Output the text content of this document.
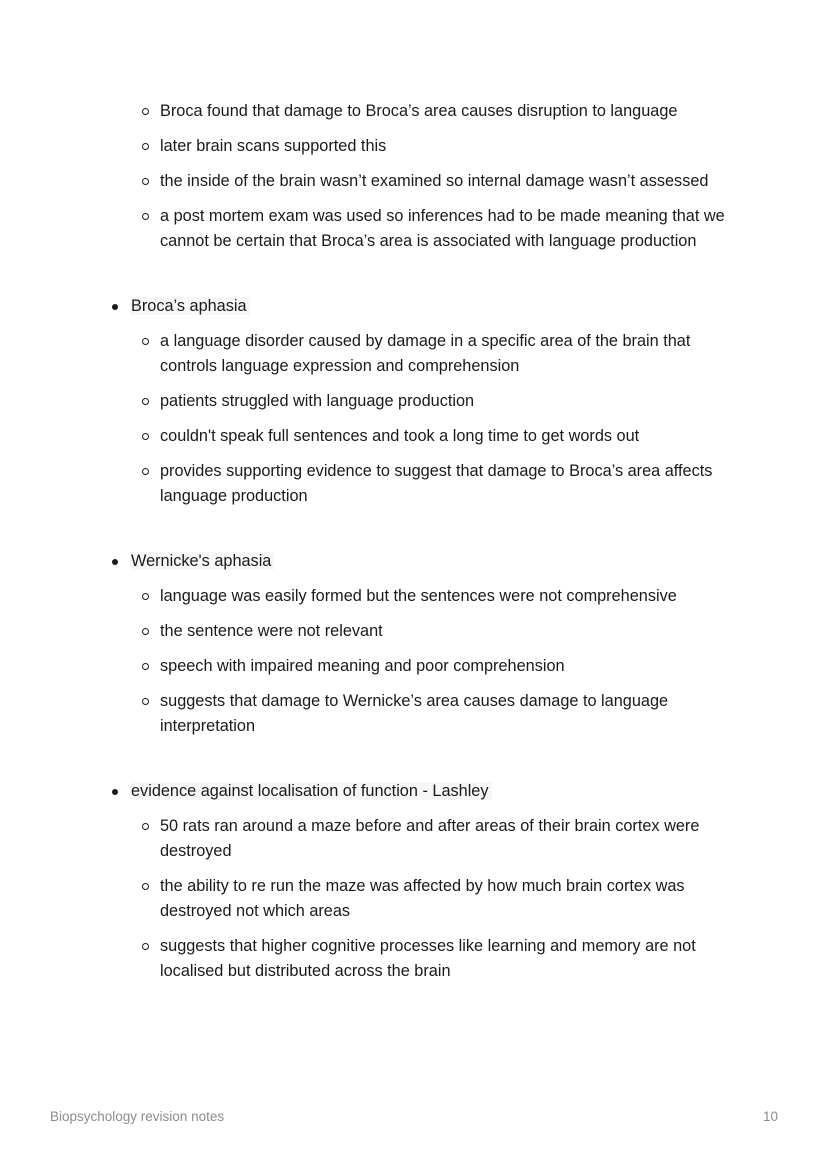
Broca found that damage to Broca’s area causes disruption to language
later brain scans supported this
the inside of the brain wasn’t examined so internal damage wasn’t assessed
a post mortem exam was used so inferences had to be made meaning that we cannot be certain that Broca’s area is associated with language production
Broca’s aphasia
a language disorder caused by damage in a specific area of the brain that controls language expression and comprehension
patients struggled with language production
couldn't speak full sentences and took a long time to get words out
provides supporting evidence to suggest that damage to Broca’s area affects language production
Wernicke's aphasia
language was easily formed but the sentences were not comprehensive
the sentence were not relevant
speech with impaired meaning and poor comprehension
suggests that damage to Wernicke’s area causes damage to language interpretation
evidence against localisation of function - Lashley
50 rats ran around a maze before and after areas of their brain cortex were destroyed
the ability to re run the maze was affected by how much brain cortex was destroyed not which areas
suggests that higher cognitive processes like learning and memory are not localised but distributed across the brain
Biopsychology revision notes	10
